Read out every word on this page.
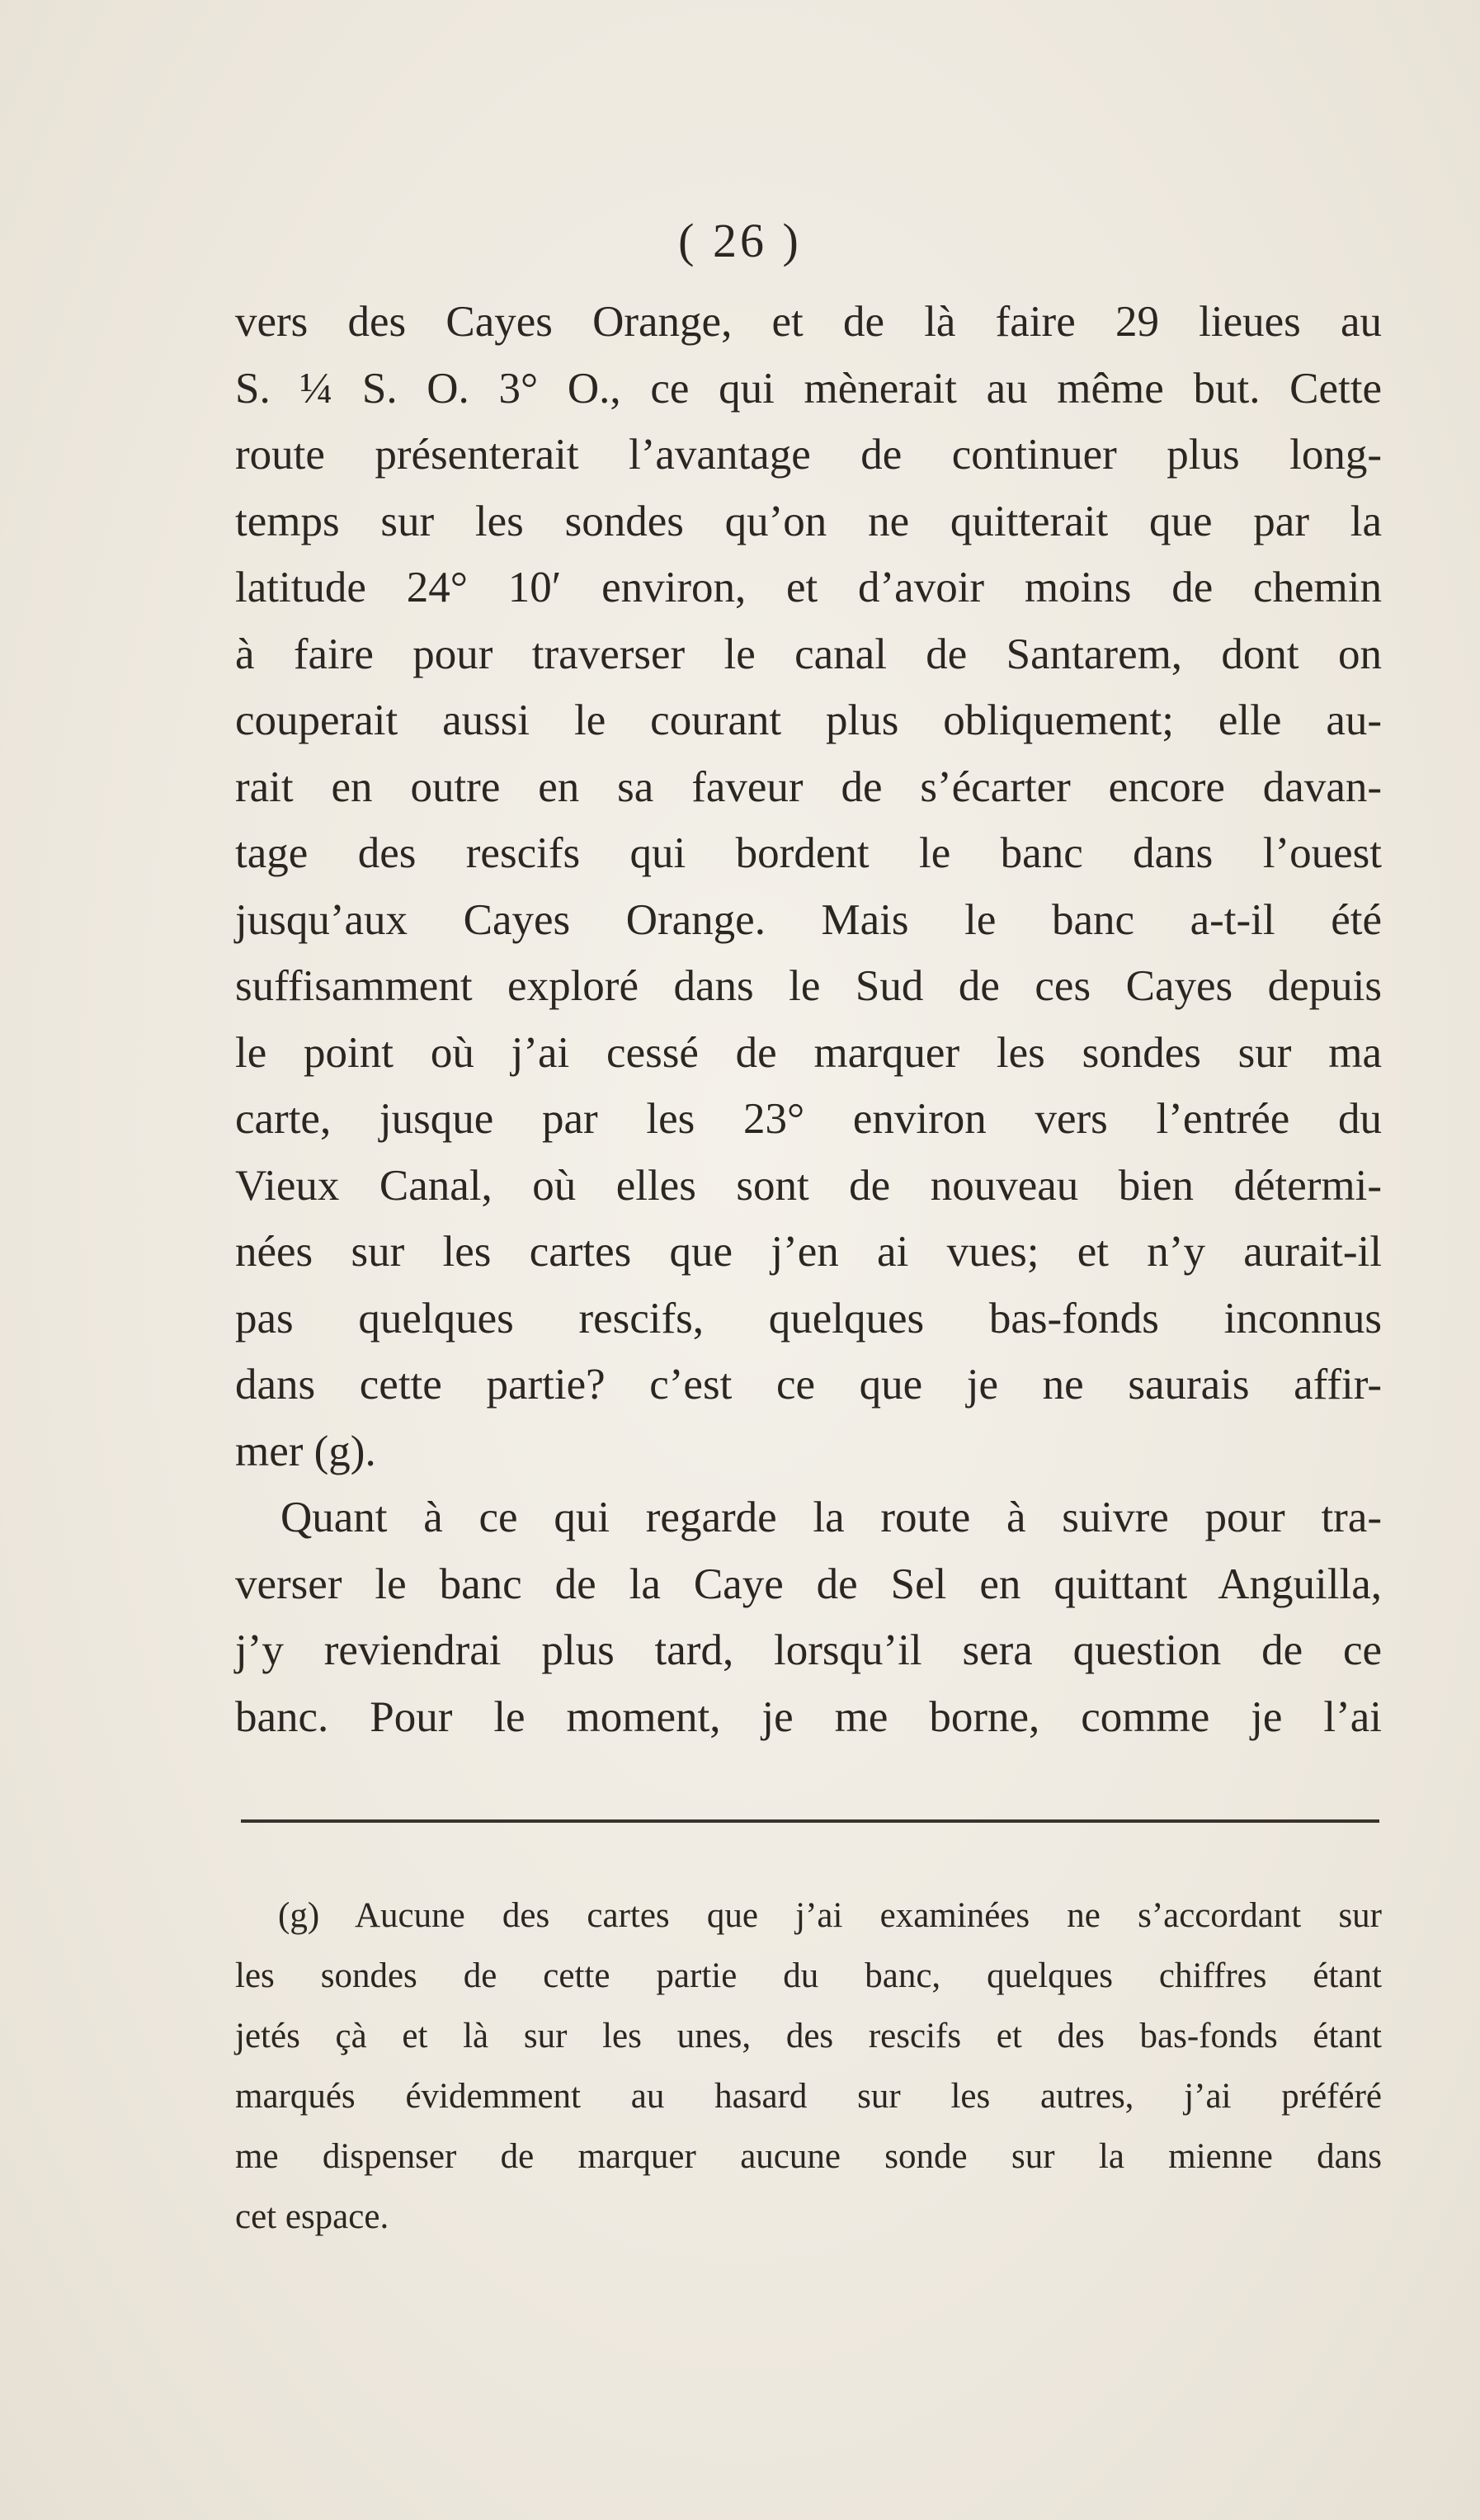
( 26 )
vers des Cayes Orange, et de là faire 29 lieues au
S. ¼ S. O. 3° O., ce qui mènerait au même but. Cette
route présenterait l’avantage de continuer plus long-
temps sur les sondes qu’on ne quitterait que par la
latitude 24° 10′ environ, et d’avoir moins de chemin
à faire pour traverser le canal de Santarem, dont on
couperait aussi le courant plus obliquement; elle au-
rait en outre en sa faveur de s’écarter encore davan-
tage des rescifs qui bordent le banc dans l’ouest
jusqu’aux Cayes Orange. Mais le banc a-t-il été
suffisamment exploré dans le Sud de ces Cayes depuis
le point où j’ai cessé de marquer les sondes sur ma
carte, jusque par les 23° environ vers l’entrée du
Vieux Canal, où elles sont de nouveau bien détermi-
nées sur les cartes que j’en ai vues; et n’y aurait-il
pas quelques rescifs, quelques bas-fonds inconnus
dans cette partie? c’est ce que je ne saurais affir-
mer (g).
Quant à ce qui regarde la route à suivre pour tra-
verser le banc de la Caye de Sel en quittant Anguilla,
j’y reviendrai plus tard, lorsqu’il sera question de ce
banc. Pour le moment, je me borne, comme je l’ai
(g) Aucune des cartes que j’ai examinées ne s’accordant sur
les sondes de cette partie du banc, quelques chiffres étant
jetés çà et là sur les unes, des rescifs et des bas-fonds étant
marqués évidemment au hasard sur les autres, j’ai préféré
me dispenser de marquer aucune sonde sur la mienne dans
cet espace.
